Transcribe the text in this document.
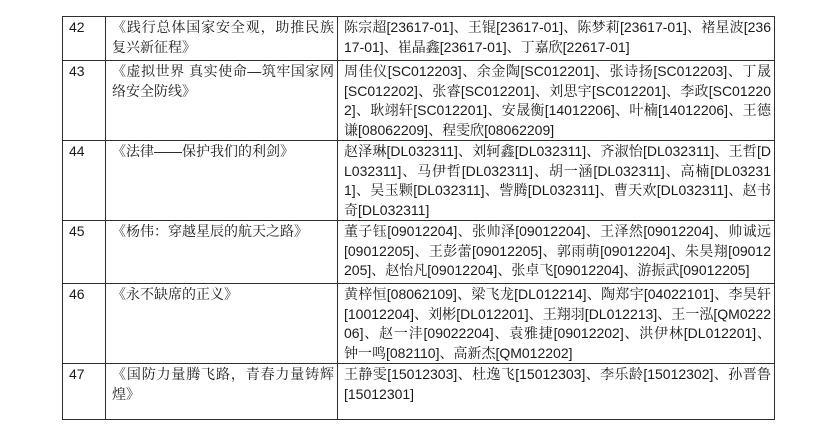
42	《践行总体国家安全观，助推民族复兴新征程》	陈宗超[23617-01]、王锟[23617-01]、陈梦莉[23617-01]、褚星波[23617-01]、崔晶鑫[23617-01]、丁嘉欣[22617-01]
43	《虚拟世界 真实使命—筑牢国家网络安全防线》	周佳仪[SC012203]、余金陶[SC012201]、张诗扬[SC012203]、丁晟[SC012202]、张睿[SC012201]、刘思宇[SC012201]、李政[SC012202]、耿翊轩[SC012201]、安晟衡[14012206]、叶楠[14012206]、王德谦[08062209]、程雯欣[08062209]
44	《法律——保护我们的利剑》	赵泽琳[DL032311]、刘轲鑫[DL032311]、齐淑怡[DL032311]、王哲[DL032311]、马伊哲[DL032311]、胡一涵[DL032311]、高楠[DL032311]、吴玉颗[DL032311]、訾腾[DL032311]、曹天欢[DL032311]、赵书奇[DL032311]
45	《杨伟：穿越星辰的航天之路》	董子钰[09012204]、张帅泽[09012204]、王泽然[09012204]、帅诚远[09012205]、王彭蕾[09012205]、郭雨萌[09012204]、朱昊翔[09012205]、赵怡凡[09012204]、张卓飞[09012204]、游振武[09012205]
46	《永不缺席的正义》	黄梓恒[08062109]、梁飞龙[DL012214]、陶郑宇[04022101]、李昊轩[10012204]、刘彬[DL012201]、王翔羽[DL012213]、王一泓[QM022206]、赵一沣[09022204]、袁雅捷[09012202]、洪伊林[DL012201]、钟一鸣[082110]、高新杰[QM012202]
47	《国防力量腾飞路，青春力量铸辉煌》	王静雯[15012303]、杜逸飞[15012303]、李乐龄[15012302]、孙晋鲁[15012301]
